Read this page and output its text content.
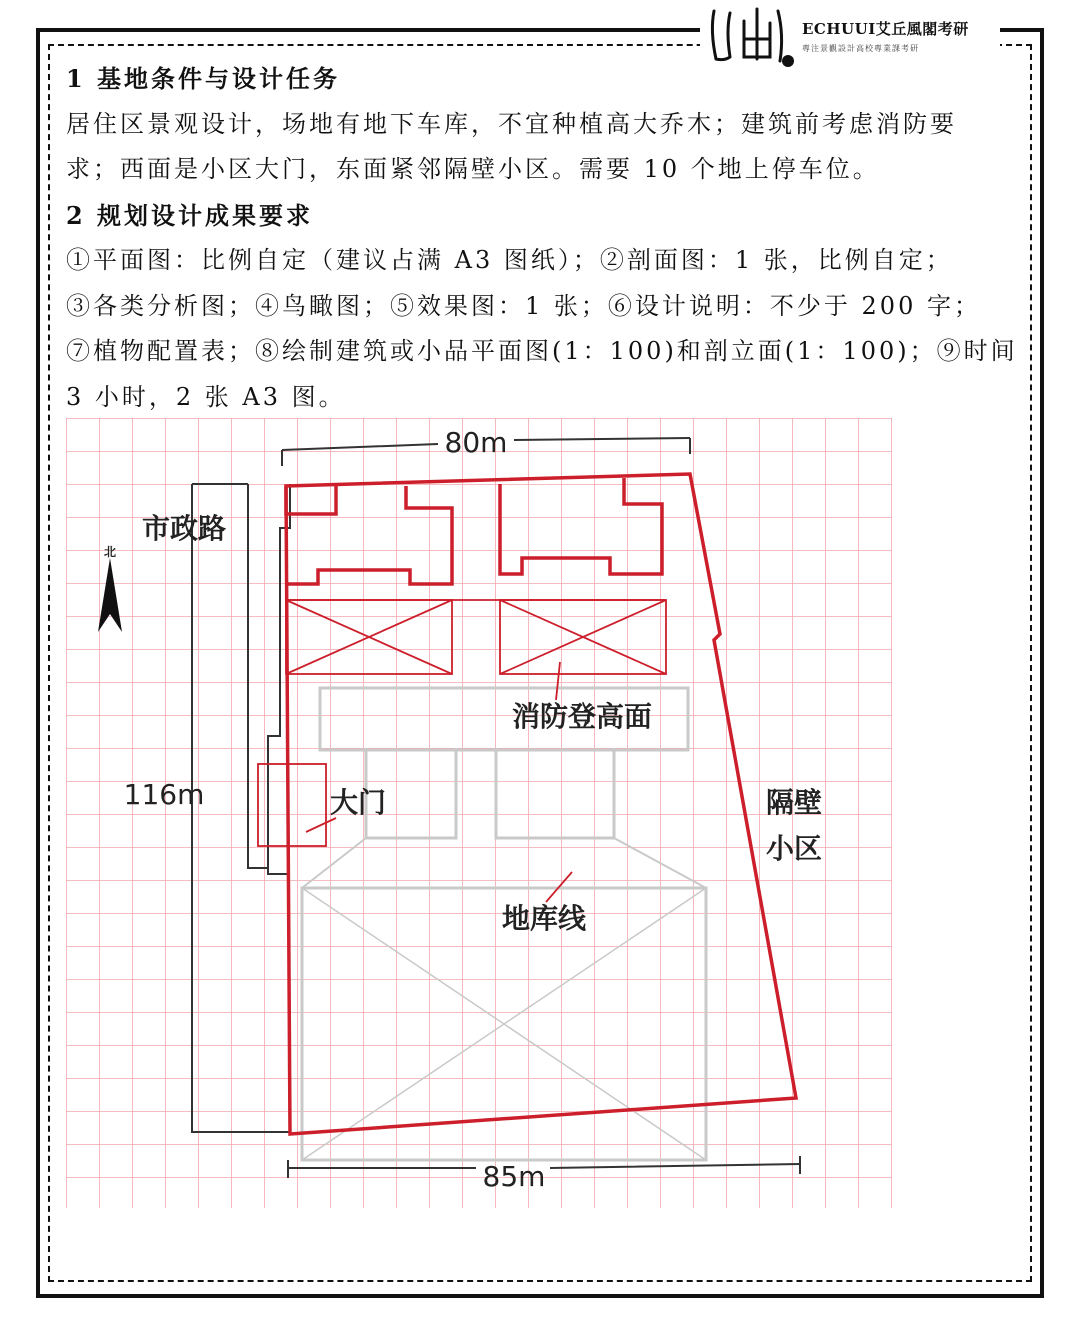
ECHUUI艾丘風閣考研
專注景觀設計高校專業課考研

1 基地条件与设计任务

居住区景观设计，场地有地下车库，不宜种植高大乔木；建筑前考虑消防要

求；西面是小区大门，东面紧邻隔壁小区。需要 10 个地上停车位。

2 规划设计成果要求

①平面图：比例自定（建议占满 A3 图纸）；②剖面图：1 张，比例自定；

③各类分析图；④鸟瞰图；⑤效果图：1 张；⑥设计说明：不少于 200 字；

⑦植物配置表；⑧绘制建筑或小品平面图(1：100)和剖立面(1：100)；⑨时间

3 小时，2 张 A3 图。

80m
116m
85m
市政路
北
消防登高面
大门	隔壁
小区
地库线
